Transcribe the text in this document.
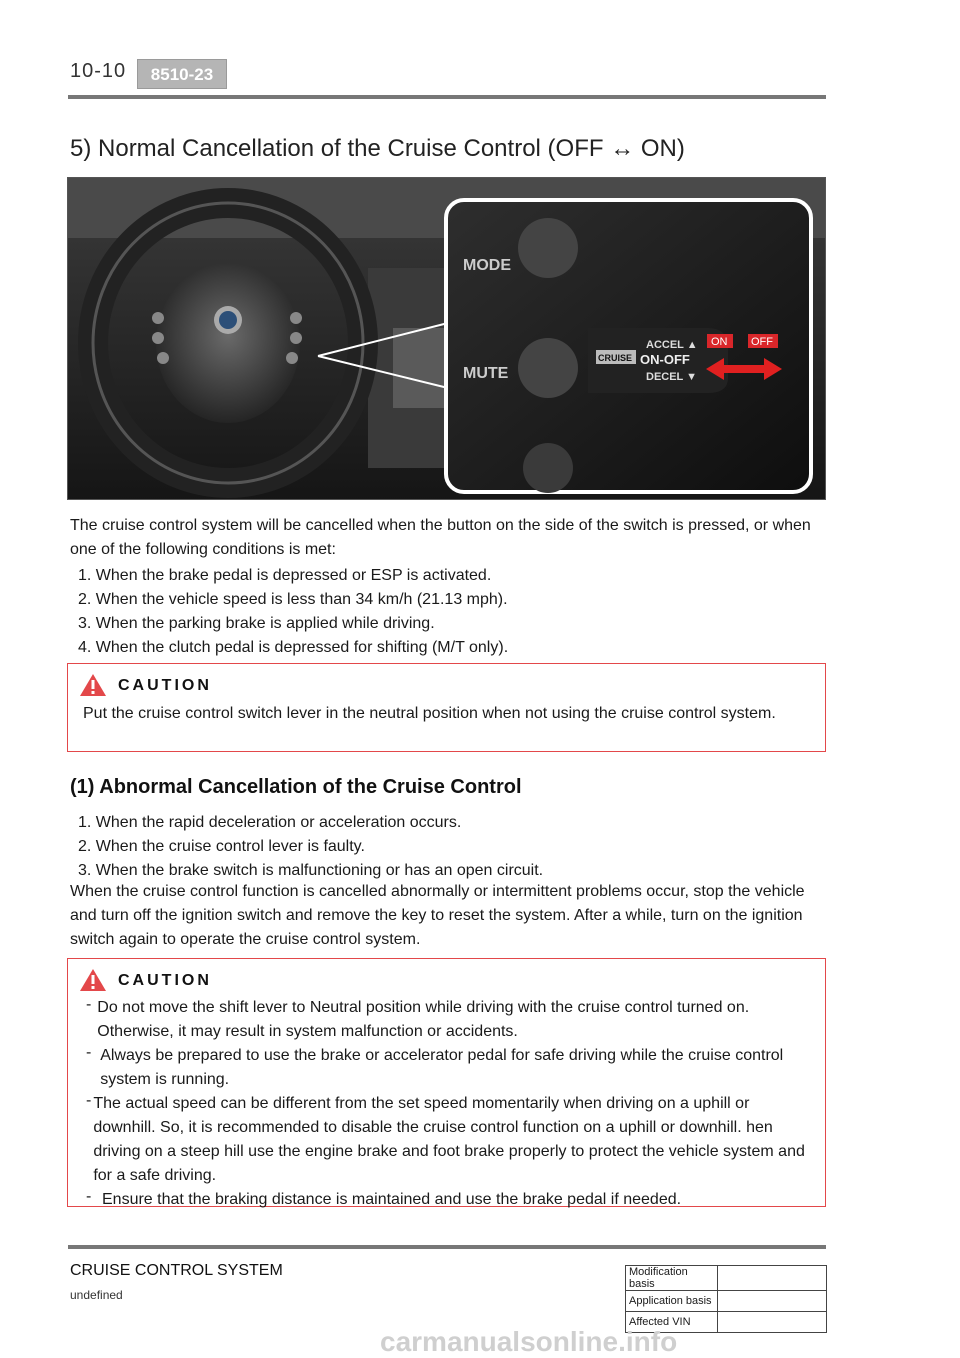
10-10	8510-23
5) Normal Cancellation of the Cruise Control (OFF ↔ ON)
MODE
MUTE
CRUISE
ACCEL ▲
ON-OFF
DECEL ▼
ON OFF
The cruise control system will be cancelled when the button on the side of the switch is pressed, or when one of the following conditions is met:
1. When the brake pedal is depressed or ESP is activated.
2. When the vehicle speed is less than 34 km/h (21.13 mph).
3. When the parking brake is applied while driving.
4. When the clutch pedal is depressed for shifting (M/T only).
CAUTION
Put the cruise control switch lever in the neutral position when not using the cruise control system.
(1) Abnormal Cancellation of the Cruise Control
1. When the rapid deceleration or acceleration occurs.
2. When the cruise control lever is faulty.
3. When the brake switch is malfunctioning or has an open circuit.
When the cruise control function is cancelled abnormally or intermittent problems occur, stop the vehicle and turn off the ignition switch and remove the key to reset the system. After a while, turn on the ignition switch again to operate the cruise control system.
CAUTION
- Do not move the shift lever to Neutral position while driving with the cruise control turned on. Otherwise, it may result in system malfunction or accidents.
- Always be prepared to use the brake or accelerator pedal for safe driving while the cruise control system is running.
- The actual speed can be different from the set speed momentarily when driving on a uphill or downhill. So, it is recommended to disable the cruise control function on a uphill or downhill. hen driving on a steep hill use the engine brake and foot brake properly to protect the vehicle system and for a safe driving.
- Ensure that the braking distance is maintained and use the brake pedal if needed.
CRUISE CONTROL SYSTEM
undefined
Modification basis	
Application basis	
Affected VIN	
carmanualsonline.info
